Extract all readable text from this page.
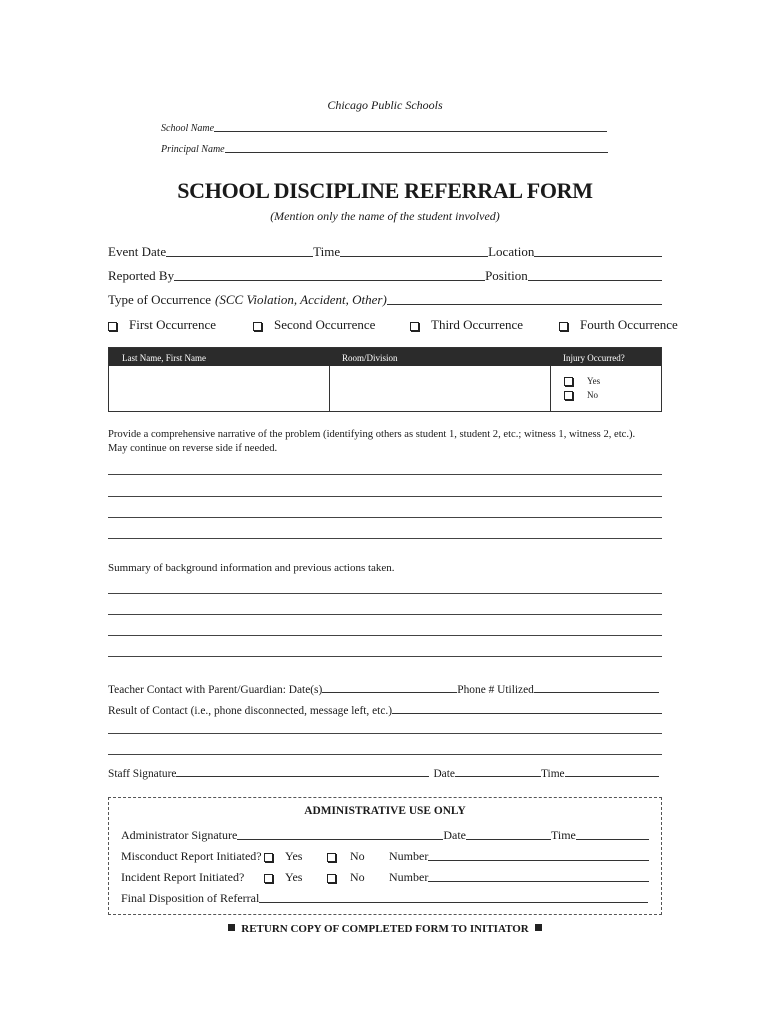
Chicago Public Schools
School Name
Principal Name
SCHOOL DISCIPLINE REFERRAL FORM
(Mention only the name of the student involved)
Event Date	Time	Location
Reported By	Position
Type of Occurrence (SCC Violation, Accident, Other)
First Occurrence	Second Occurrence	Third Occurrence	Fourth Occurrence
Last Name, First Name	Room/Division	Injury Occurred?
Yes
No
Provide a comprehensive narrative of the problem (identifying others as student 1, student 2, etc.; witness 1, witness 2, etc.).
May continue on reverse side if needed.
Summary of background information and previous actions taken.
Teacher Contact with Parent/Guardian: Date(s)	Phone # Utilized
Result of Contact (i.e., phone disconnected, message left, etc.)
Staff Signature	Date	Time
ADMINISTRATIVE USE ONLY
Administrator Signature	Date	Time
Misconduct Report Initiated?	Yes	No	Number
Incident Report Initiated?	Yes	No	Number
Final Disposition of Referral
RETURN COPY OF COMPLETED FORM TO INITIATOR
